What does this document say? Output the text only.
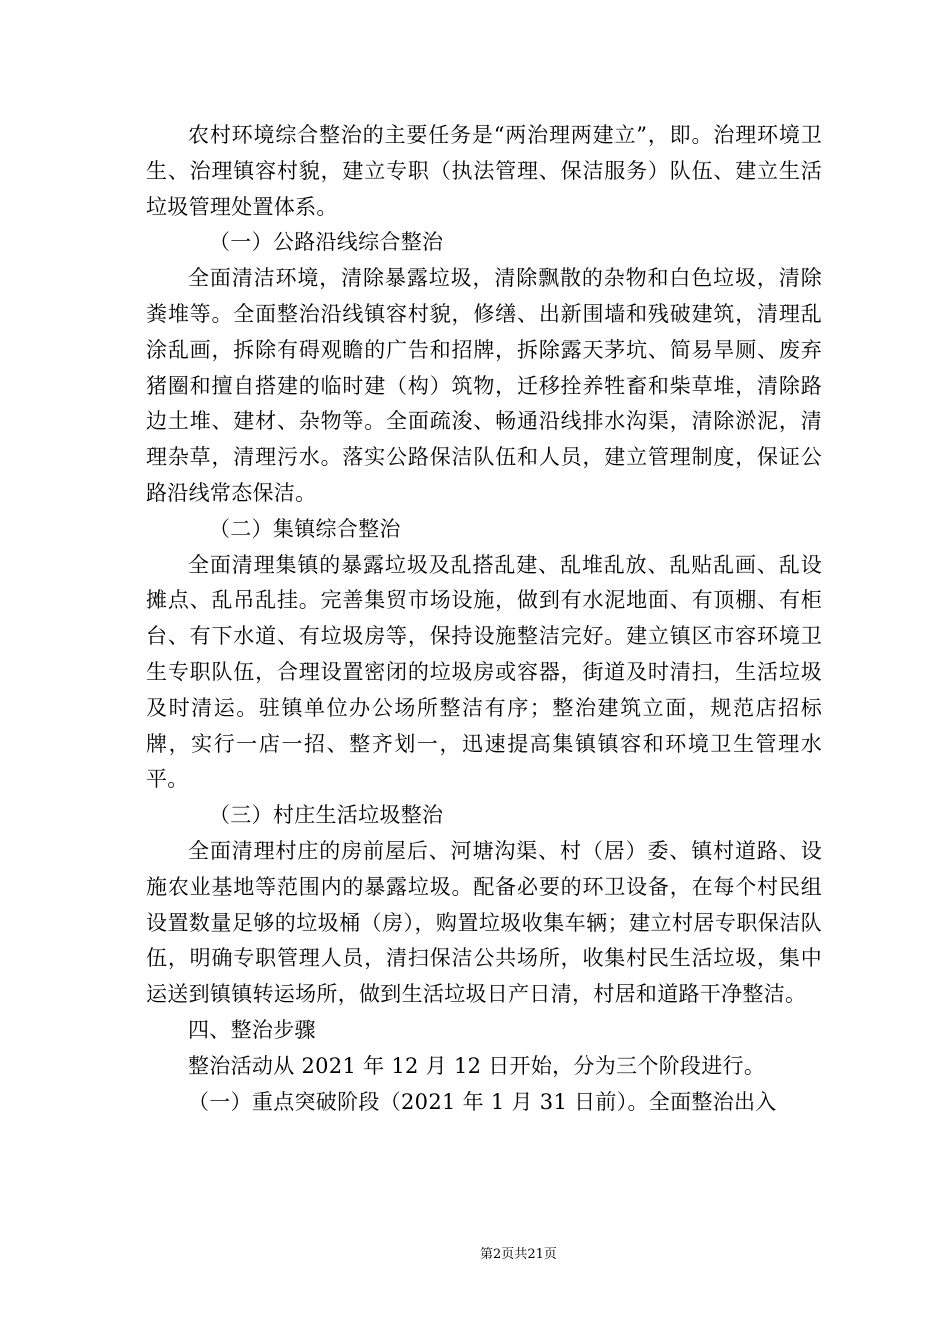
农村环境综合整治的主要任务是“两治理两建立”，即。治理环境卫生、治理镇容村貌，建立专职（执法管理、保洁服务）队伍、建立生活垃圾管理处置体系。

（一）公路沿线综合整治

全面清洁环境，清除暴露垃圾，清除飘散的杂物和白色垃圾，清除粪堆等。全面整治沿线镇容村貌，修缮、出新围墙和残破建筑，清理乱涂乱画，拆除有碍观瞻的广告和招牌，拆除露天茅坑、简易旱厕、废弃猪圈和擅自搭建的临时建（构）筑物，迁移拴养牲畜和柴草堆，清除路边土堆、建材、杂物等。全面疏浚、畅通沿线排水沟渠，清除淤泥，清理杂草，清理污水。落实公路保洁队伍和人员，建立管理制度，保证公路沿线常态保洁。

（二）集镇综合整治

全面清理集镇的暴露垃圾及乱搭乱建、乱堆乱放、乱贴乱画、乱设摊点、乱吊乱挂。完善集贸市场设施，做到有水泥地面、有顶棚、有柜台、有下水道、有垃圾房等，保持设施整洁完好。建立镇区市容环境卫生专职队伍，合理设置密闭的垃圾房或容器，街道及时清扫，生活垃圾及时清运。驻镇单位办公场所整洁有序；整治建筑立面，规范店招标牌，实行一店一招、整齐划一，迅速提高集镇镇容和环境卫生管理水平。

（三）村庄生活垃圾整治

全面清理村庄的房前屋后、河塘沟渠、村（居）委、镇村道路、设施农业基地等范围内的暴露垃圾。配备必要的环卫设备，在每个村民组设置数量足够的垃圾桶（房），购置垃圾收集车辆；建立村居专职保洁队伍，明确专职管理人员，清扫保洁公共场所，收集村民生活垃圾，集中运送到镇镇转运场所，做到生活垃圾日产日清，村居和道路干净整洁。

四、整治步骤

整治活动从 2021 年 12 月 12 日开始，分为三个阶段进行。

（一）重点突破阶段（2021 年 1 月 31 日前）。全面整治出入

第2页共21页
